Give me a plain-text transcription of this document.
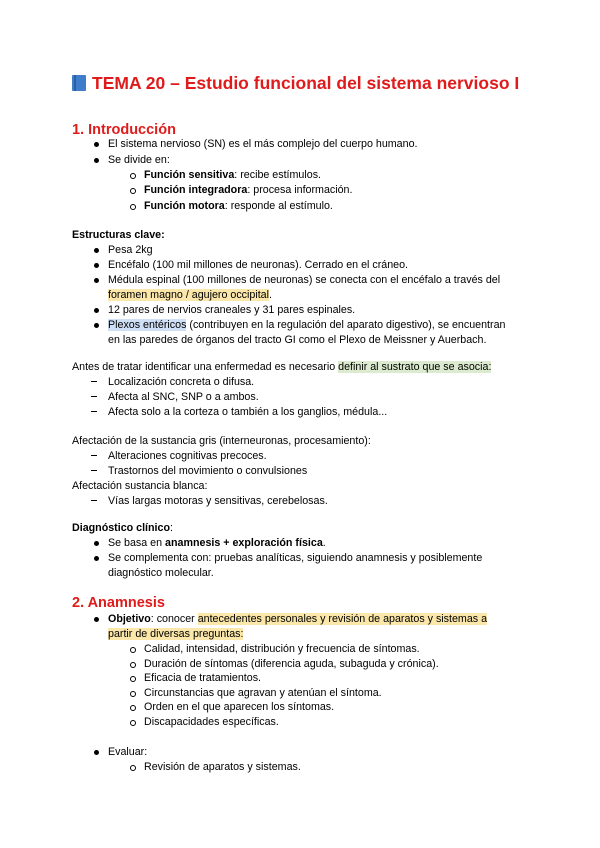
TEMA 20 – Estudio funcional del sistema nervioso I
1. Introducción
El sistema nervioso (SN) es el más complejo del cuerpo humano.
Se divide en:
Función sensitiva: recibe estímulos.
Función integradora: procesa información.
Función motora: responde al estímulo.
Estructuras clave:
Pesa 2kg
Encéfalo (100 mil millones de neuronas). Cerrado en el cráneo.
Médula espinal (100 millones de neuronas) se conecta con el encéfalo a través del
foramen magno / agujero occipital.
12 pares de nervios craneales y 31 pares espinales.
Plexos entéricos (contribuyen en la regulación del aparato digestivo), se encuentran
en las paredes de órganos del tracto GI como el Plexo de Meissner y Auerbach.
Antes de tratar identificar una enfermedad es necesario definir al sustrato que se asocia:
Localización concreta o difusa.
Afecta al SNC, SNP o a ambos.
Afecta solo a la corteza o también a los ganglios, médula...
Afectación de la sustancia gris (interneuronas, procesamiento):
Alteraciones cognitivas precoces.
Trastornos del movimiento o convulsiones
Afectación sustancia blanca:
Vías largas motoras y sensitivas, cerebelosas.
Diagnóstico clínico:
Se basa en anamnesis + exploración física.
Se complementa con: pruebas analíticas, siguiendo anamnesis y posiblemente
diagnóstico molecular.
2. Anamnesis
Objetivo: conocer antecedentes personales y revisión de aparatos y sistemas a
partir de diversas preguntas:
Calidad, intensidad, distribución y frecuencia de síntomas.
Duración de síntomas (diferencia aguda, subaguda y crónica).
Eficacia de tratamientos.
Circunstancias que agravan y atenúan el síntoma.
Orden en el que aparecen los síntomas.
Discapacidades específicas.
Evaluar:
Revisión de aparatos y sistemas.
